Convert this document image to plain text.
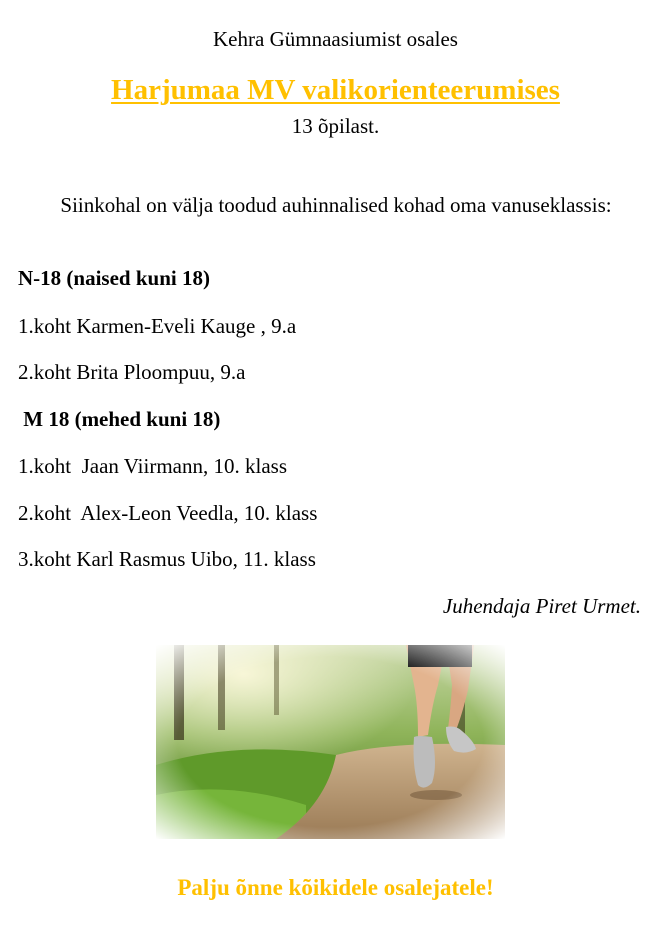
Kehra Gümnaasiumist osales

Harjumaa MV valikorienteerumises

13 õpilast.

Siinkohal on välja toodud auhinnalised kohad oma vanuseklassis:

N-18 (naised kuni 18)

1.koht Karmen-Eveli Kauge , 9.a

2.koht Brita Ploompuu, 9.a

M 18 (mehed kuni 18)

1.koht  Jaan Viirmann, 10. klass

2.koht  Alex-Leon Veedla, 10. klass

3.koht Karl Rasmus Uibo, 11. klass

Juhendaja Piret Urmet.

Palju õnne kõikidele osalejatele!
